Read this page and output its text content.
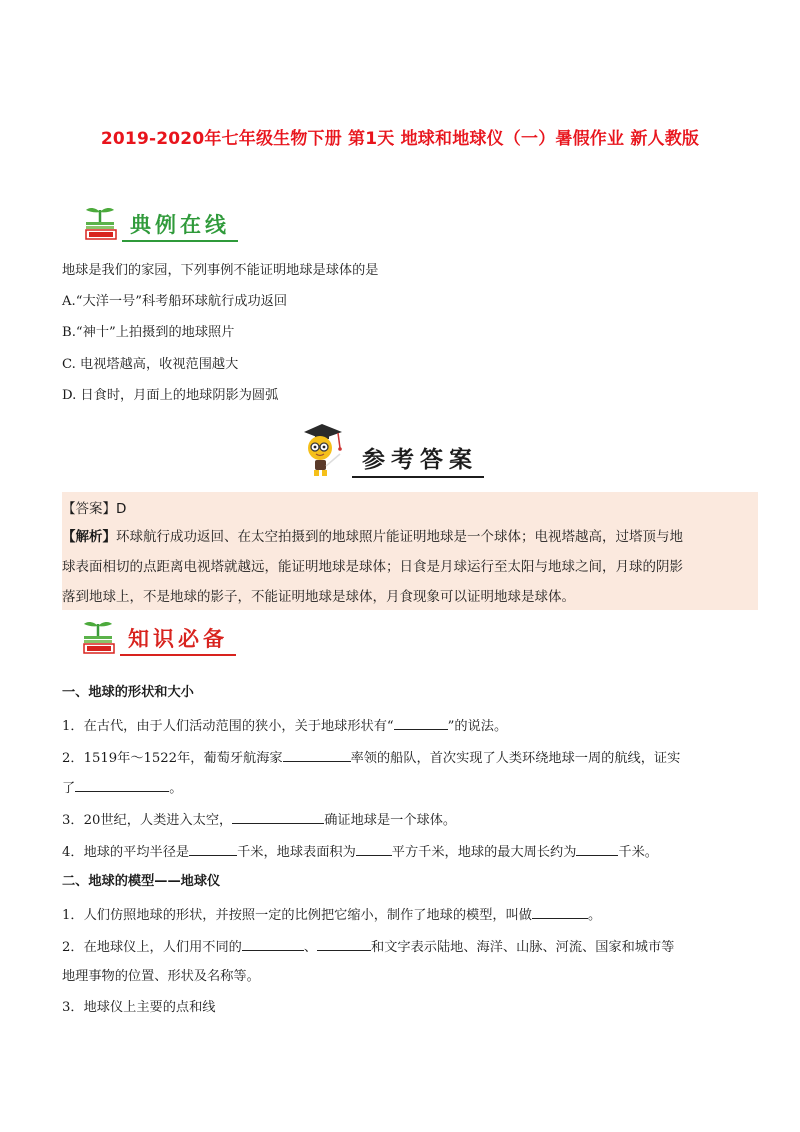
2019-2020年七年级生物下册 第1天 地球和地球仪（一）暑假作业 新人教版
典例在线
地球是我们的家园，下列事例不能证明地球是球体的是
A.“大洋一号”科考船环球航行成功返回
B.“神十”上拍摄到的地球照片
C. 电视塔越高，收视范围越大
D. 日食时，月面上的地球阴影为圆弧
参考答案
【答案】D
【解析】环球航行成功返回、在太空拍摄到的地球照片能证明地球是一个球体；电视塔越高，过塔顶与地
球表面相切的点距离电视塔就越远，能证明地球是球体；日食是月球运行至太阳与地球之间，月球的阴影
落到地球上，不是地球的影子，不能证明地球是球体，月食现象可以证明地球是球体。
知识必备
一、地球的形状和大小
1．在古代，由于人们活动范围的狭小，关于地球形状有“	”的说法。
2．1519年～1522年，葡萄牙航海家	率领的船队，首次实现了人类环绕地球一周的航线，证实
了	。
3．20世纪，人类进入太空，	确证地球是一个球体。
4．地球的平均半径是	千米，地球表面积为	平方千米，地球的最大周长约为	千米。
二、地球的模型——地球仪
1．人们仿照地球的形状，并按照一定的比例把它缩小，制作了地球的模型，叫做	。
2．在地球仪上，人们用不同的	、	和文字表示陆地、海洋、山脉、河流、国家和城市等
地理事物的位置、形状及名称等。
3．地球仪上主要的点和线
